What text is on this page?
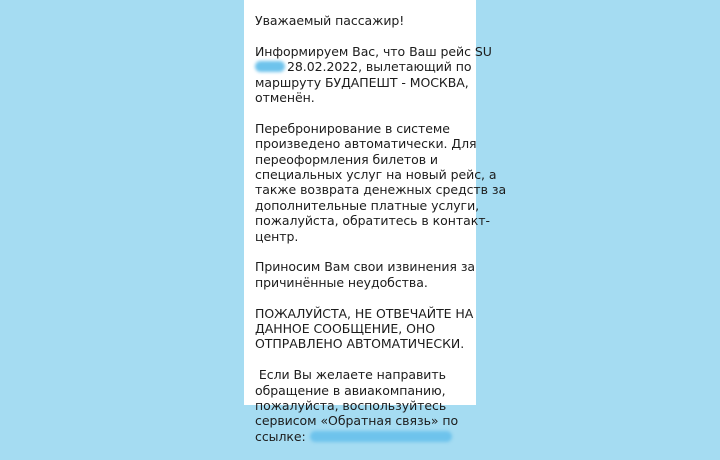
Уважаемый пассажир!

Информируем Вас, что Ваш рейс SU
28.02.2022, вылетающий по
маршруту БУДАПЕШТ - МОСКВА,
отменён.

Перебронирование в системе
произведено автоматически. Для
переоформления билетов и
специальных услуг на новый рейс, а
также возврата денежных средств за
дополнительные платные услуги,
пожалуйста, обратитесь в контакт-
центр.

Приносим Вам свои извинения за
причинённые неудобства.

ПОЖАЛУЙСТА, НЕ ОТВЕЧАЙТЕ НА
ДАННОЕ СООБЩЕНИЕ, ОНО
ОТПРАВЛЕНО АВТОМАТИЧЕСКИ.

Если Вы желаете направить
обращение в авиакомпанию,
пожалуйста, воспользуйтесь
сервисом «Обратная связь» по
ссылке:
